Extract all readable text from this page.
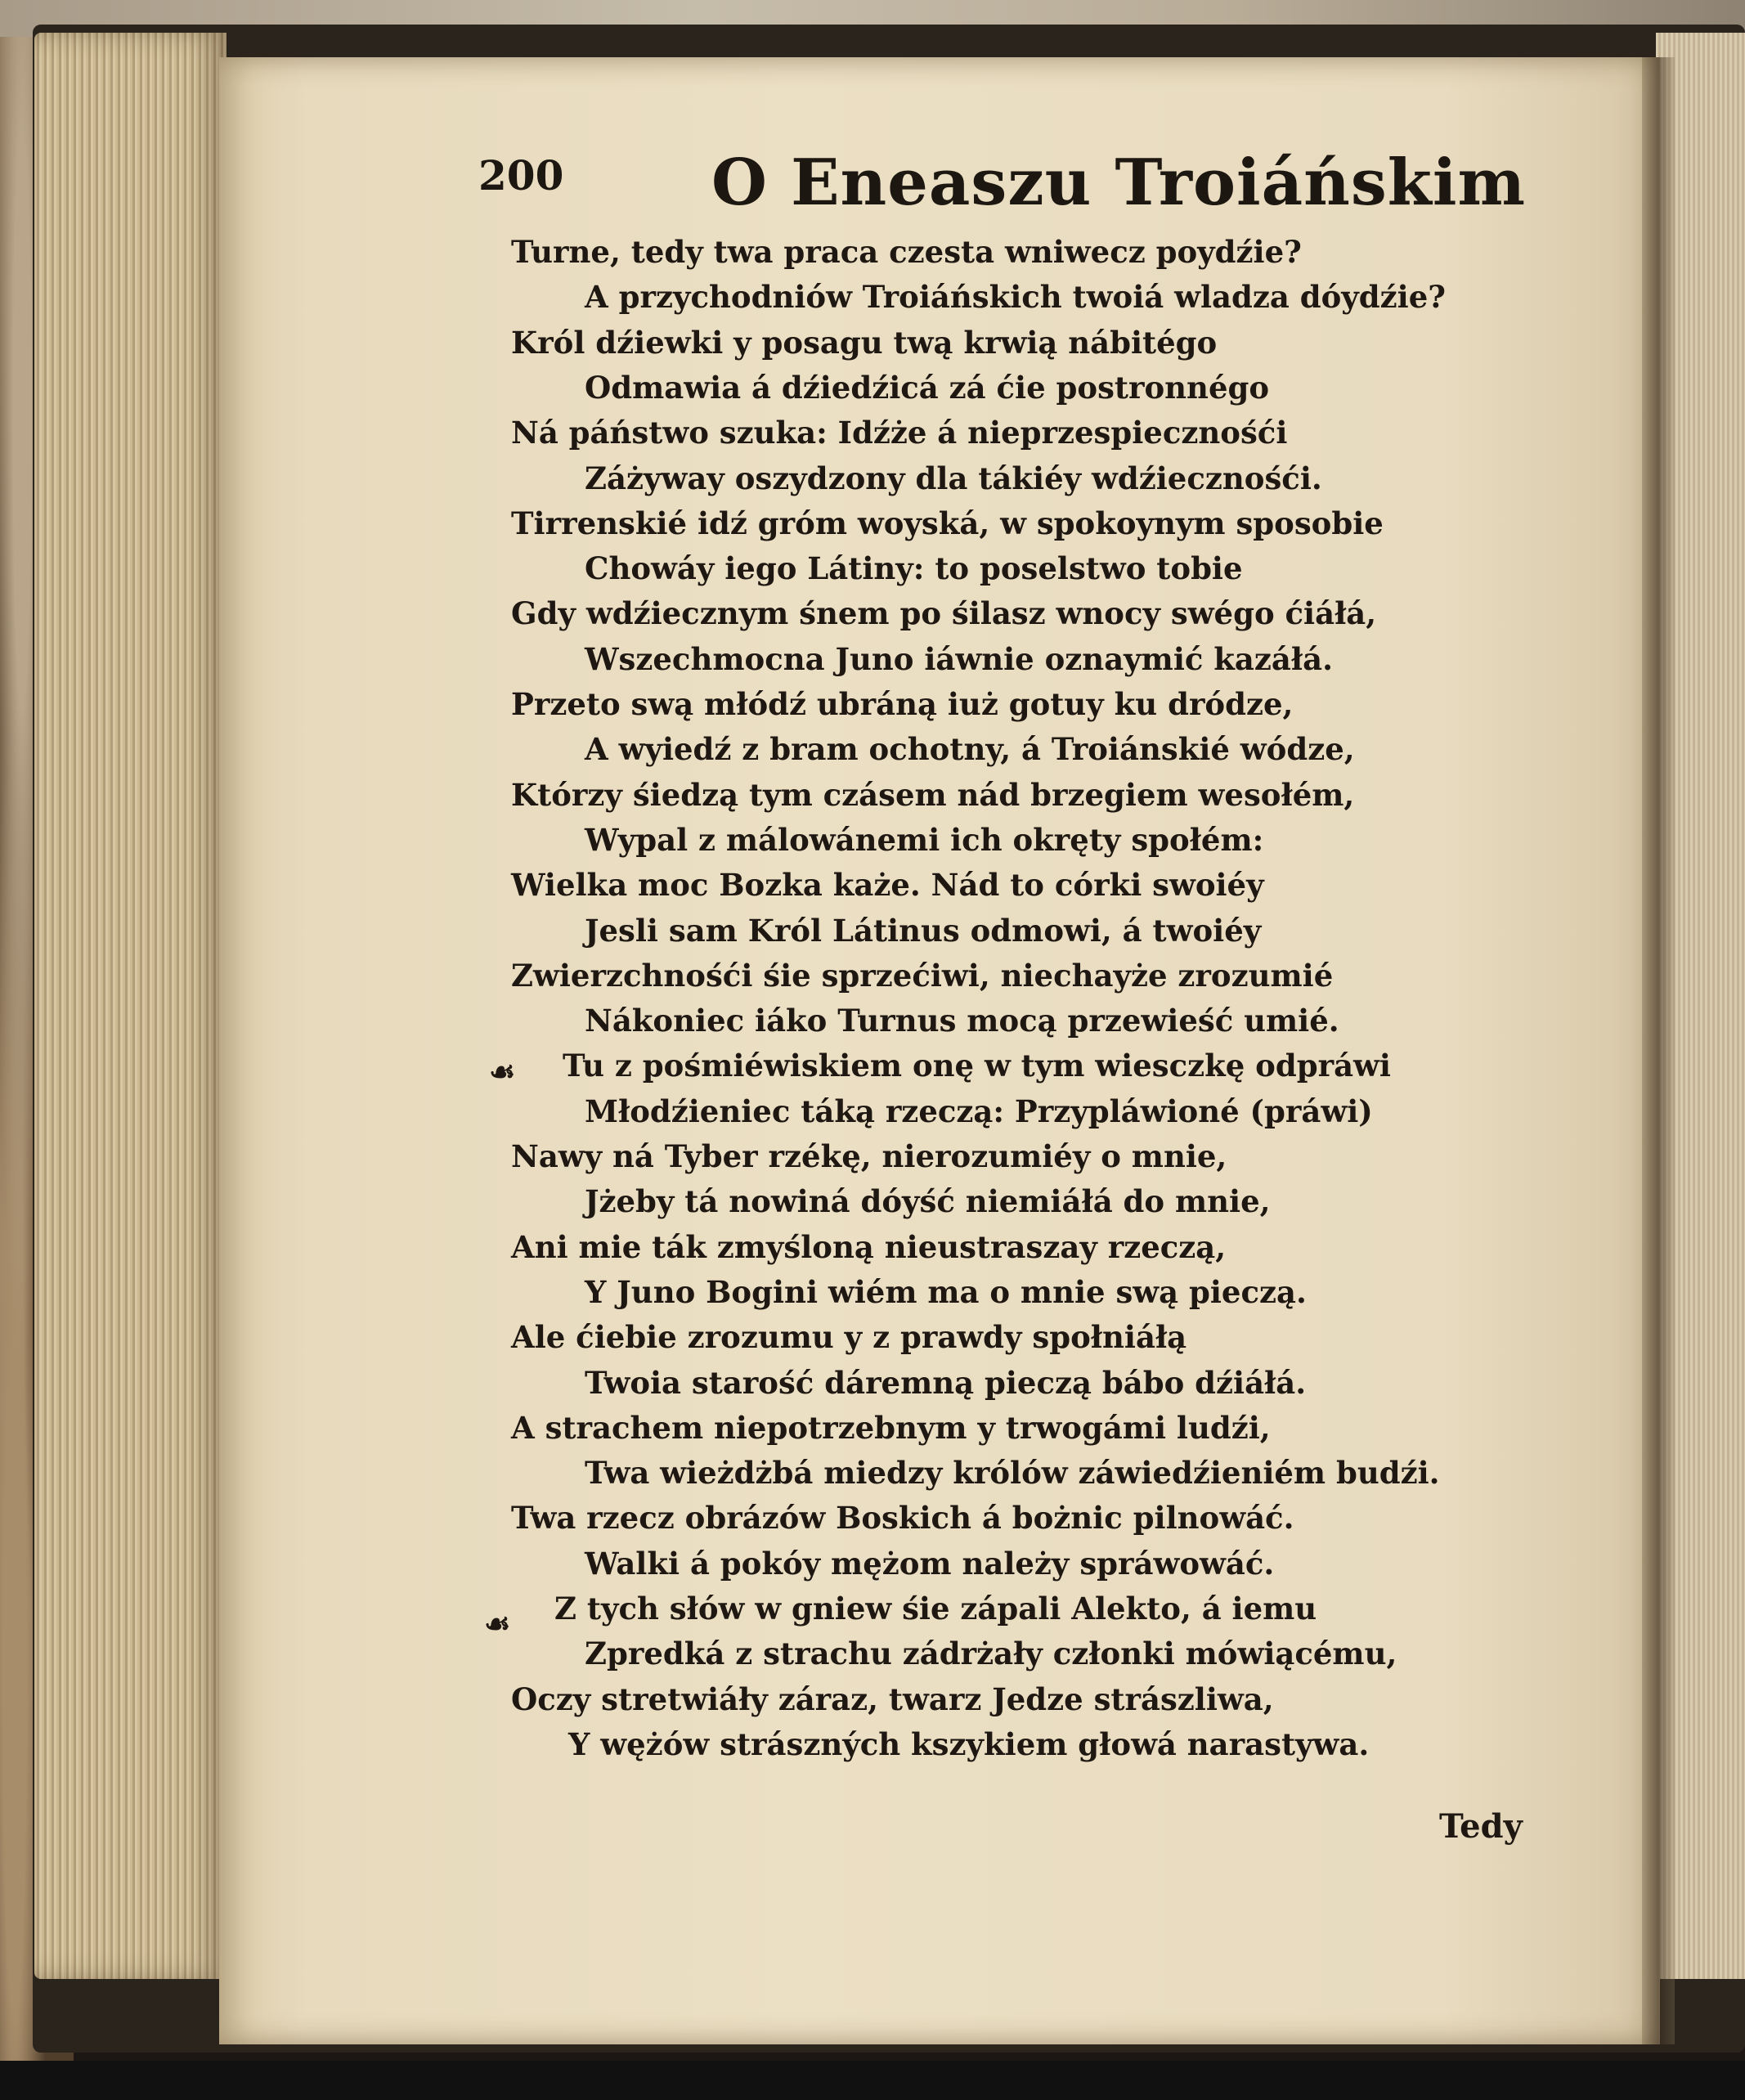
200 O Eneaszu Troiáńskim
Turne, tedy twa praca czesta wniwecz poydźie?
A przychodniów Troiáńskich twoiá wladza dóydźie?
Król dźiewki y posagu twą krwią nábitégo
Odmawia á dźiedźicá zá ćie postronnégo
Ná páństwo szuka: Idźże á nieprzespiecznośći
Záżyway oszydzony dla tákiéy wdźiecznośći.
Tirrenskié idź gróm woyská, w spokoynym sposobie
Chowáy iego Látiny: to poselstwo tobie
Gdy wdźiecznym śnem po śilasz wnocy swégo ćiáłá,
Wszechmocna Juno iáwnie oznaymić kazáłá.
Przeto swą młódź ubráną iuż gotuy ku dródze,
A wyiedź z bram ochotny, á Troiánskié wódze,
Którzy śiedzą tym czásem nád brzegiem wesołém,
Wypal z málowánemi ich okręty społém:
Wielka moc Bozka każe. Nád to córki swoiéy
Jesli sam Król Látinus odmowi, á twoiéy
Zwierzchnośći śie sprzećiwi, niechayże zrozumié
Nákoniec iáko Turnus mocą przewieść umié.
Tu z pośmiéwiskiem onę w tym wiesczkę odpráwi
Młodźieniec táką rzeczą: Przypláwioné (práwi)
Nawy ná Tyber rzékę, nierozumiéy o mnie,
Jżeby tá nowiná dóyść niemiáłá do mnie,
Ani mie ták zmyśloną nieustraszay rzeczą,
Y Juno Bogini wiém ma o mnie swą pieczą.
Ale ćiebie zrozumu y z prawdy społniáłą
Twoia starość dáremną pieczą bábo dźiáłá.
A strachem niepotrzebnym y trwogámi ludźi,
Twa wieżdżbá miedzy królów záwiedźieniém budźi.
Twa rzecz obrázów Boskich á bożnic pilnowáć.
Walki á pokóy mężom należy spráwowáć.
Z tych słów w gniew śie zápali Alekto, á iemu
Zpredká z strachu zádrżały członki mówiącému,
Oczy stretwiáły záraz, twarz Jedze strászliwa,
Y wężów strászných kszykiem głowá narastywa.
☙
☙
Tedy
